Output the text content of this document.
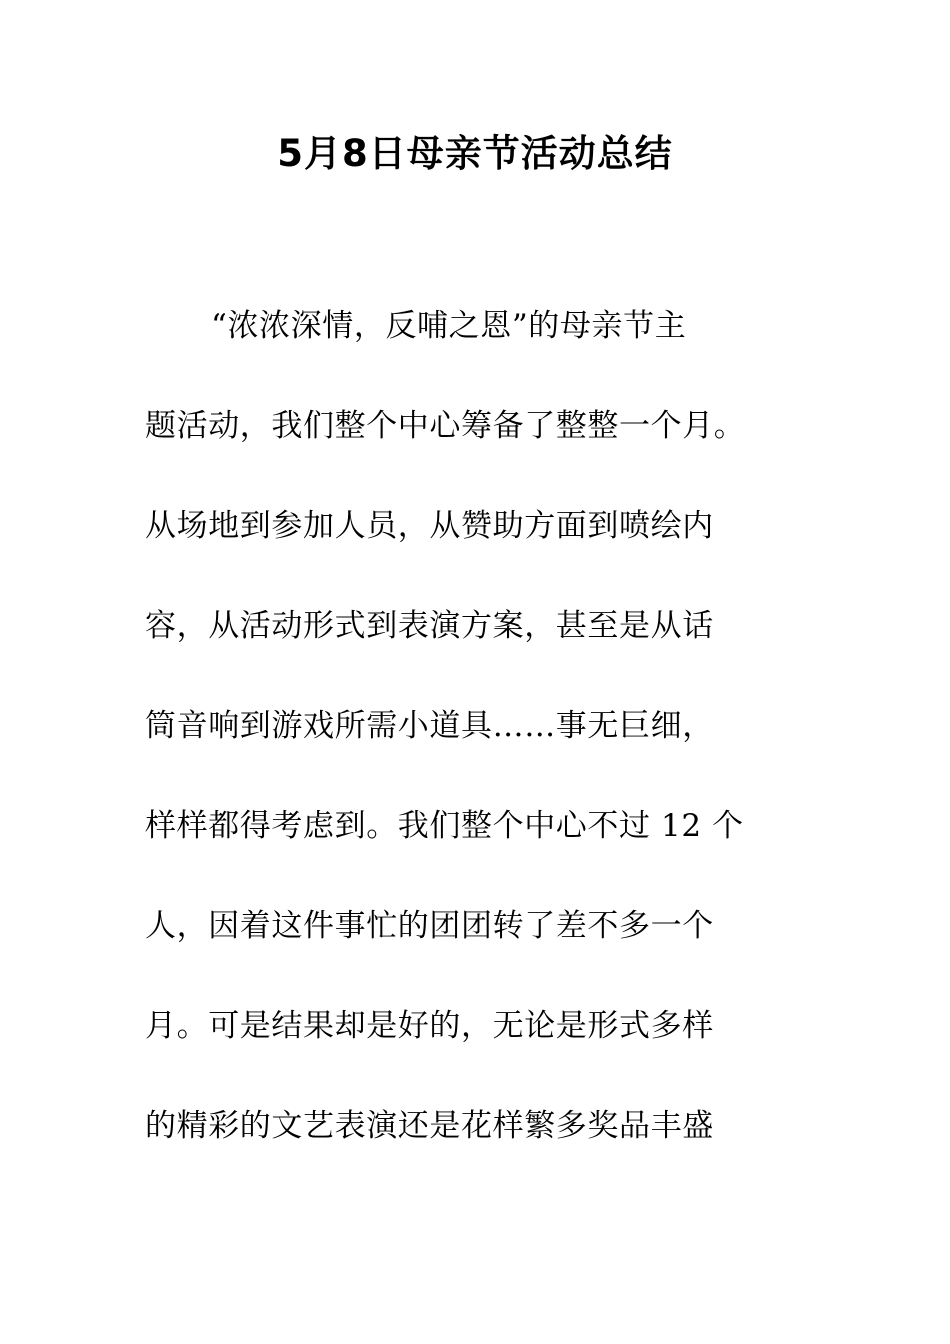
5月8日母亲节活动总结
“浓浓深情，反哺之恩”的母亲节主
题活动，我们整个中心筹备了整整一个月。
从场地到参加人员，从赞助方面到喷绘内
容，从活动形式到表演方案，甚至是从话
筒音响到游戏所需小道具……事无巨细，
样样都得考虑到。我们整个中心不过 12 个
人，因着这件事忙的团团转了差不多一个
月。可是结果却是好的，无论是形式多样
的精彩的文艺表演还是花样繁多奖品丰盛
